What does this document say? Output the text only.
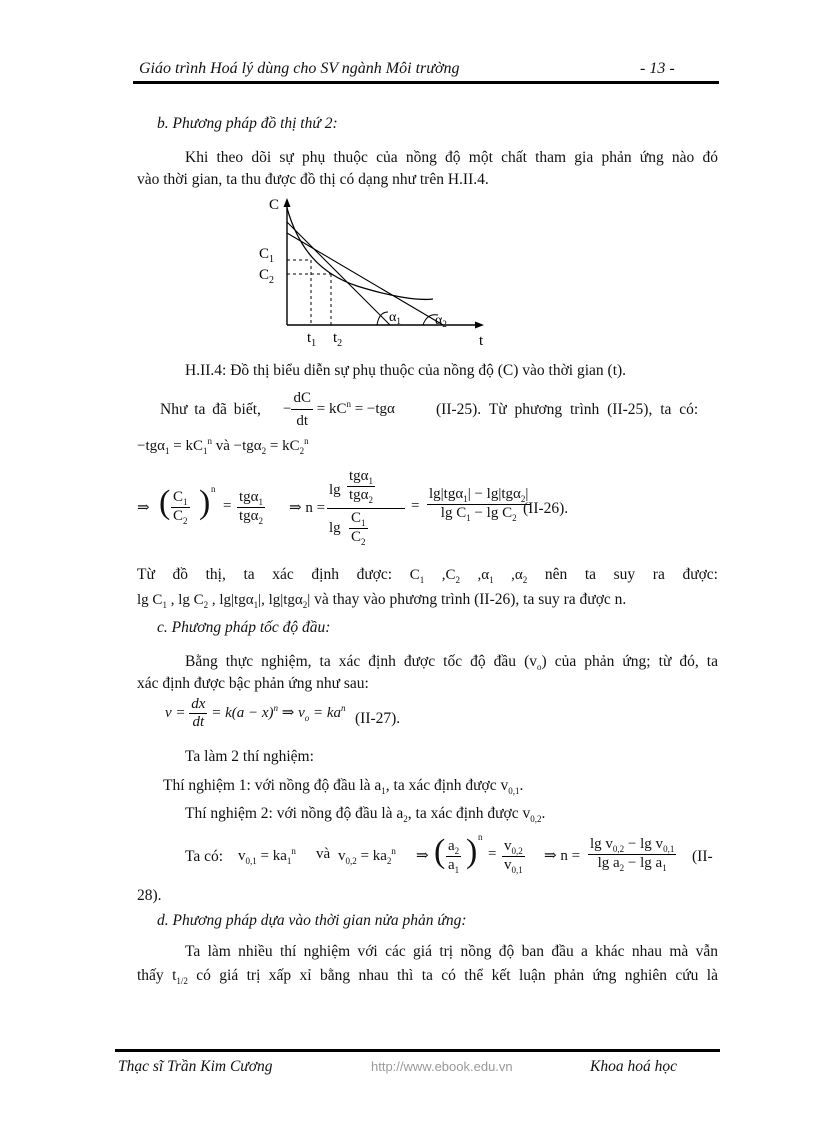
Giáo trình Hoá lý dùng cho SV ngành Môi trường	- 13 -
b. Phương pháp đồ thị thứ 2:
Khi theo dõi sự phụ thuộc của nồng độ một chất tham gia phản ứng nào đó
vào thời gian, ta thu được đồ thị có dạng như trên H.II.4.
C
t
$C_1$
$C_2$
$t_1$ $t_2$
$\alpha_1$ $\alpha_2$
H.II.4: Đồ thị biểu diễn sự phụ thuộc của nồng độ (C) vào thời gian (t).
Như ta đã biết, − $\frac{dC}{dt} = kC^n = -tg\alpha$	(II-25). Từ phương trình (II-25), ta có:
$-tg\alpha_1 = kC_1^n$ và $-tg\alpha_2 = kC_2^n$
⇒ ( $\frac{C_1}{C_2}$ ) n
=
tgα$_1$
tgα$_2$
⇒ n =
lg
tgα$_1$
tgα$_2$
$\lg \frac{C_1}{C_2}$
=
lg|tgα$_1$| − lg|tgα$_2$|
$\lg C_1 - \lg C_2$
(II-26).
Từ đồ thị, ta xác định được: $C_1$ $,C_2$ $,\alpha_1$ $,\alpha_2$ nên ta suy ra được:
$\lg C_1$ , $\lg C_2$ , lg|tgα$_1$|, lg|tgα$_2$| và thay vào phương trình (II-26), ta suy ra được n.
c. Phương pháp tốc độ đầu:
Bằng thực nghiệm, ta xác định được tốc độ đầu $(v_o)$ của phản ứng; từ đó, ta
xác định được bậc phản ứng như sau:
$v = \frac{dx}{dt} = k(a - x)^n$ ⇒ $v_o = ka^n$
(II-27).
Ta làm 2 thí nghiệm:
Thí nghiệm 1: với nồng độ đầu là $a_1$, ta xác định được $v_{0,1}$.
Thí nghiệm 2: với nồng độ đầu là $a_2$, ta xác định được $v_{0,2}$.
Ta có: $v_{0,1} = ka_1^n$ và $v_{0,2} = ka_2^n$ ⇒ ( $\frac{a_2}{a_1}$ ) n
= $\frac{v_{0,2}}{v_{0,1}}$ ⇒ $n = \frac{\lg v_{0,2} - \lg v_{0,1}}{\lg a_2 - \lg a_1} (II-$
28).
d. Phương pháp dựa vào thời gian nửa phản ứng:
Ta làm nhiều thí nghiệm với các giá trị nồng độ ban đầu a khác nhau mà vẫn
thấy $t_{1/2}$ có giá trị xấp xỉ bằng nhau thì ta có thể kết luận phản ứng nghiên cứu là
Thạc sĩ Trần Kim Cương	http://www.ebook.edu.vn	Khoa hoá học
